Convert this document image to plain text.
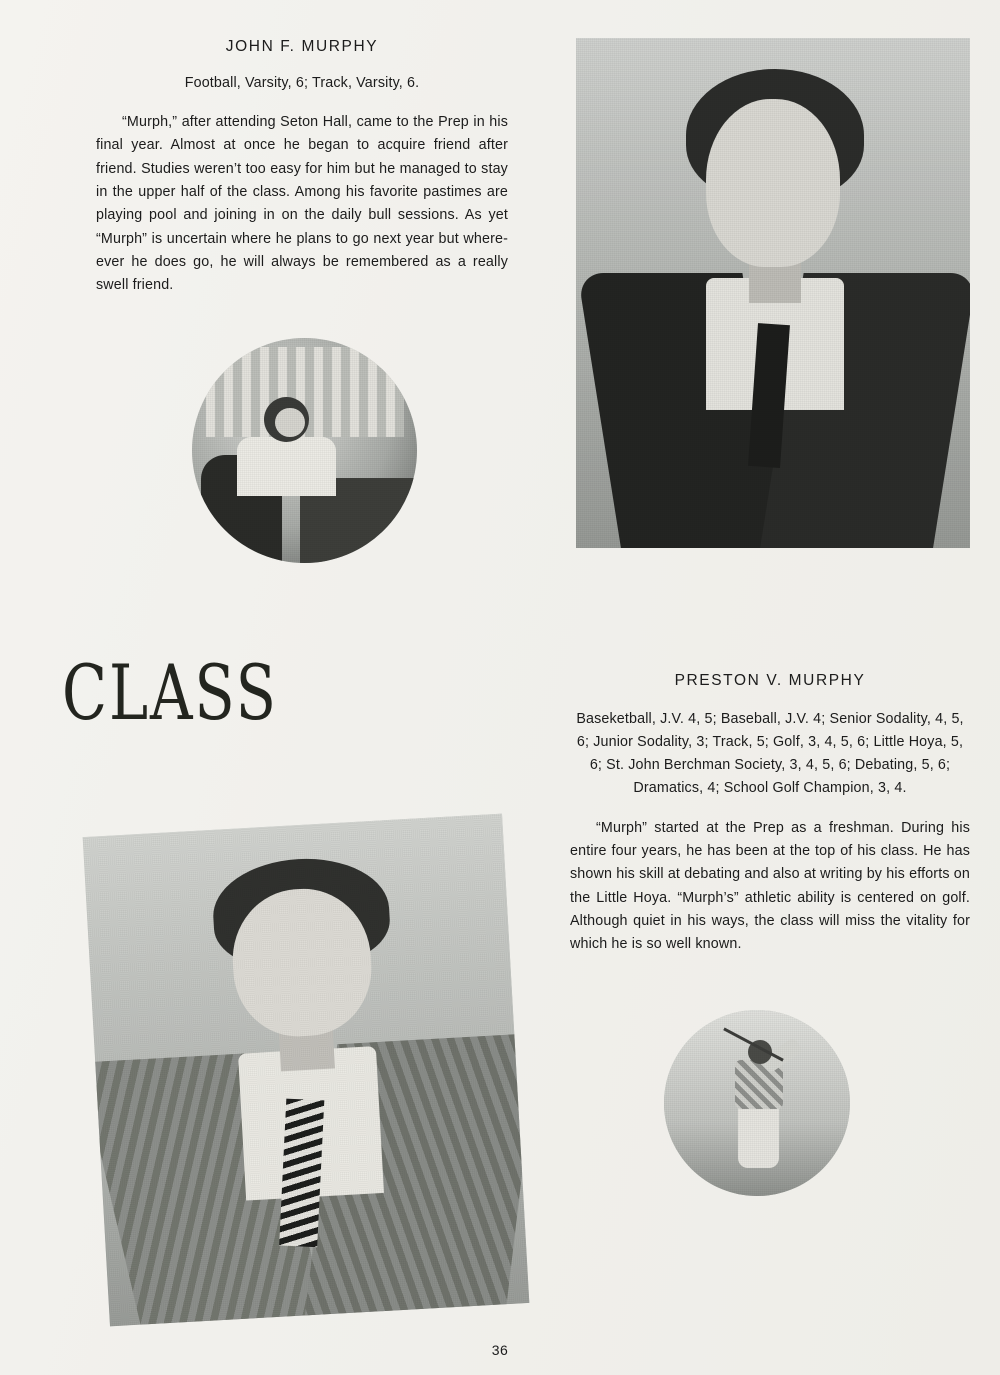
JOHN F. MURPHY
Football, Varsity, 6; Track, Varsity, 6.
“Murph,” after attending Seton Hall, came to the Prep in his final year. Almost at once he began to acquire friend after friend. Studies weren’t too easy for him but he managed to stay in the upper half of the class. Among his favorite pastimes are playing pool and joining in on the daily bull sessions. As yet “Murph” is uncertain where he plans to go next year but where-ever he does go, he will always be remembered as a really swell friend.
CLASS	PRESTON V. MURPHY
Baseketball, J.V. 4, 5; Baseball, J.V. 4; Senior Sodality, 4, 5, 6; Junior Sodality, 3; Track, 5; Golf, 3, 4, 5, 6; Little Hoya, 5, 6; St. John Berchman Society, 3, 4, 5, 6; Debating, 5, 6; Dramatics, 4; School Golf Champion, 3, 4.
“Murph” started at the Prep as a freshman. During his entire four years, he has been at the top of his class. He has shown his skill at debating and also at writing by his efforts on the Little Hoya. “Murph’s” athletic ability is centered on golf. Although quiet in his ways, the class will miss the vitality for which he is so well known.
36
